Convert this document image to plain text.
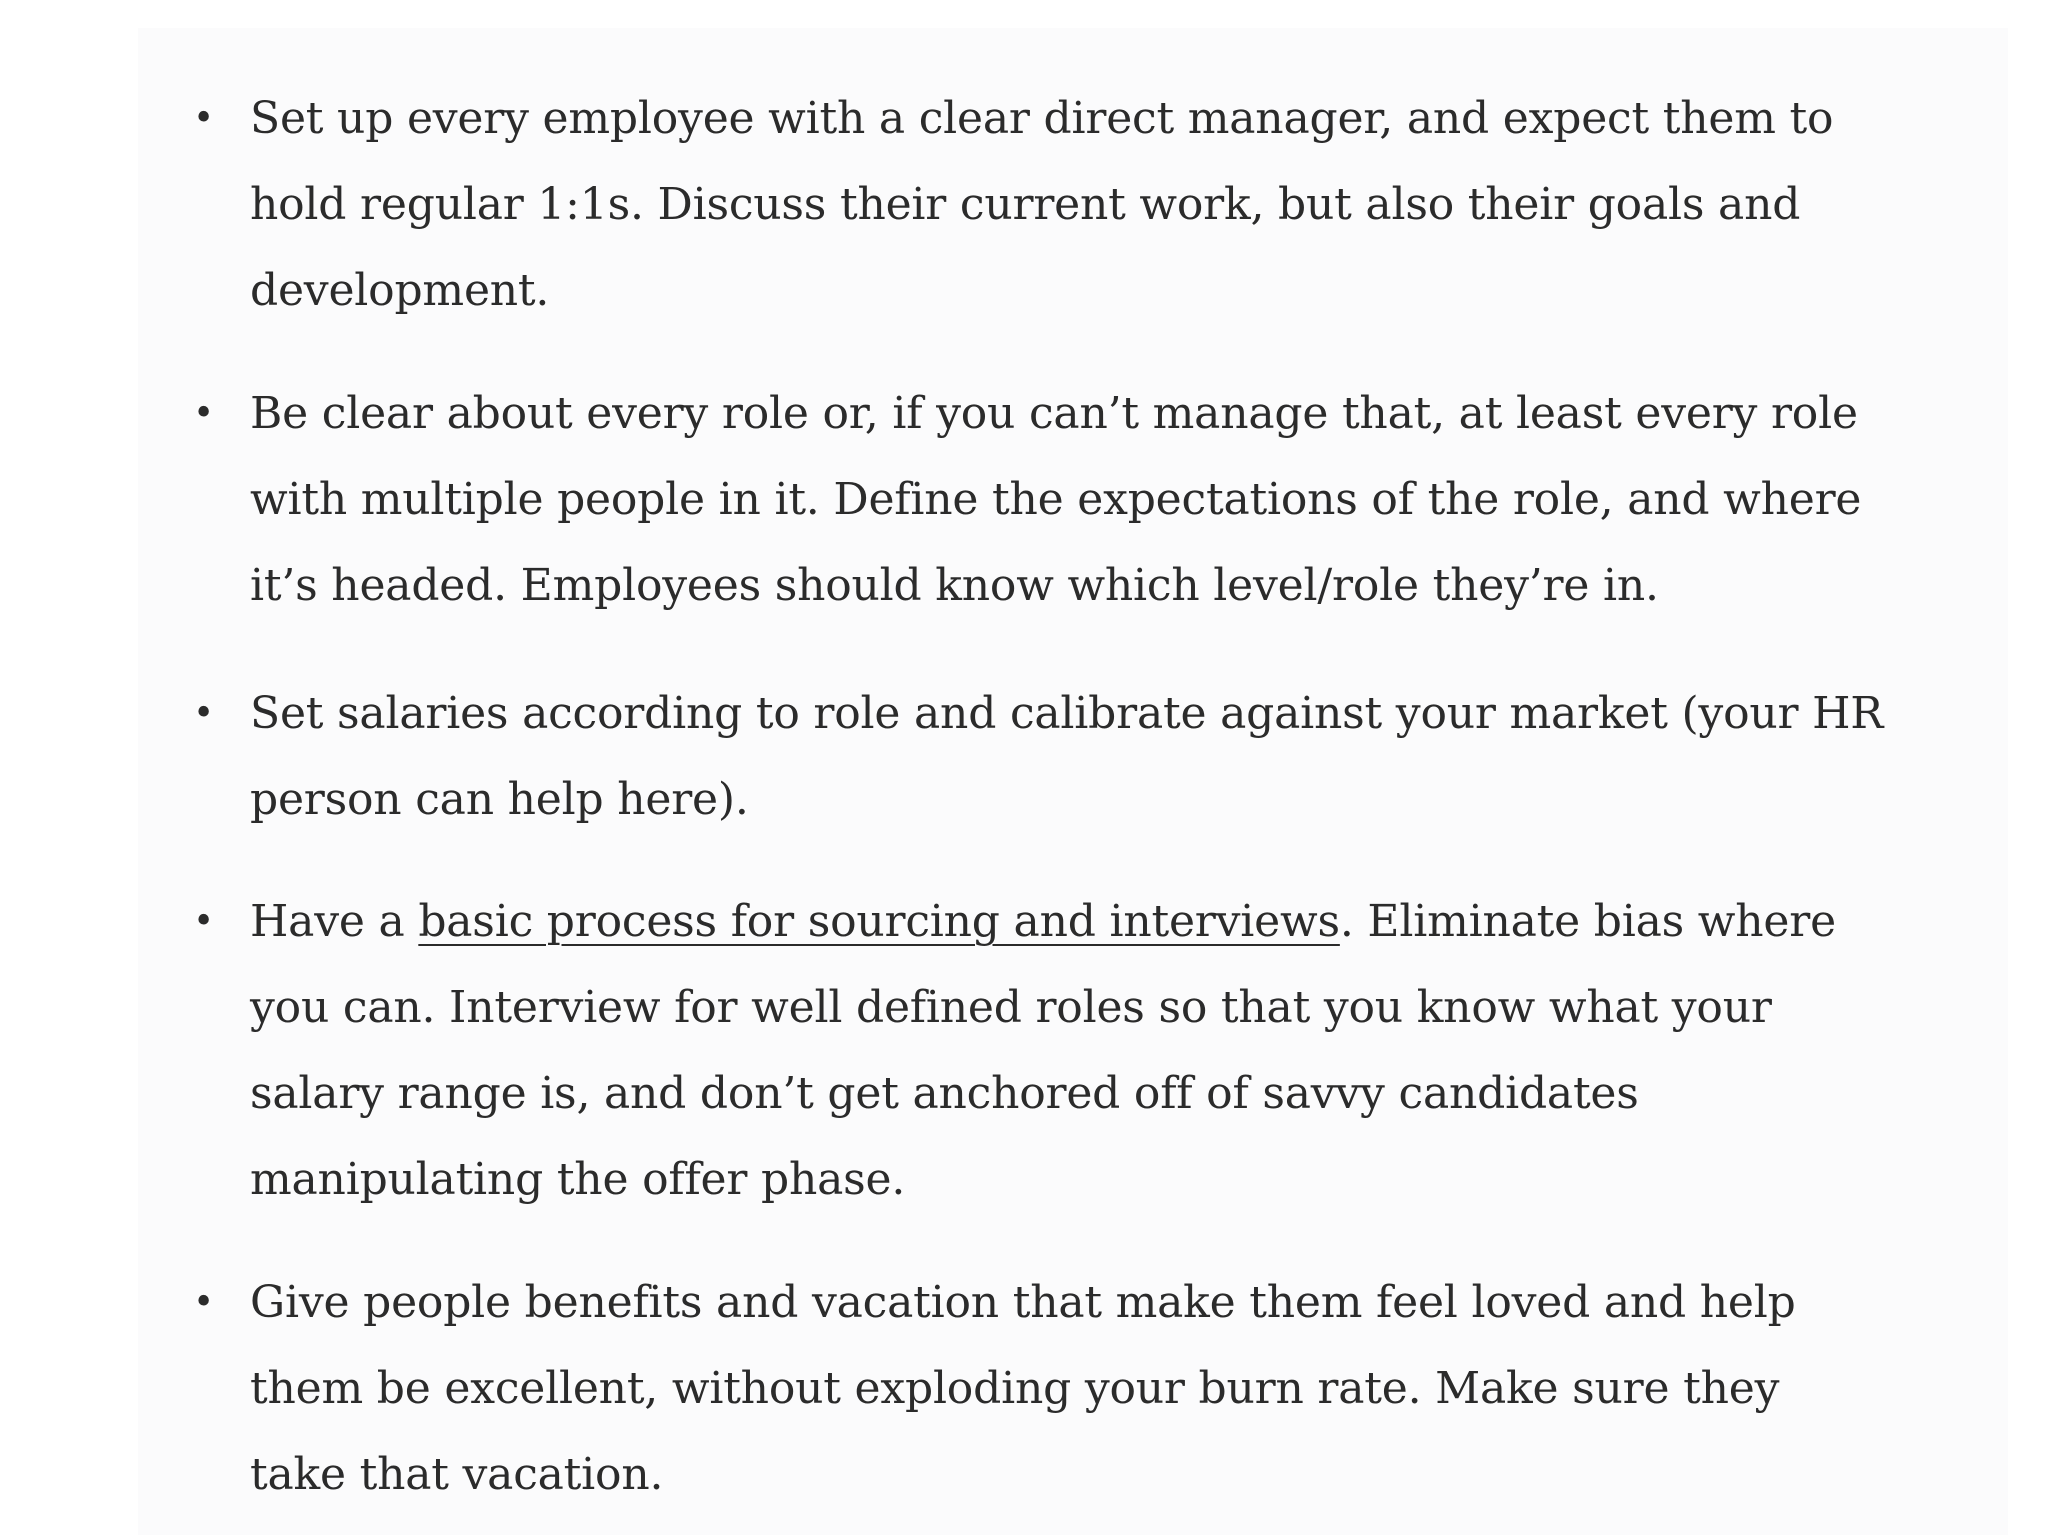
• Set up every employee with a clear direct manager, and expect them to
hold regular 1:1s. Discuss their current work, but also their goals and
development.

• Be clear about every role or, if you can’t manage that, at least every role
with multiple people in it. Define the expectations of the role, and where
it’s headed. Employees should know which level/role they’re in.

• Set salaries according to role and calibrate against your market (your HR
person can help here).

• Have a basic process for sourcing and interviews. Eliminate bias where
you can. Interview for well defined roles so that you know what your
salary range is, and don’t get anchored off of savvy candidates
manipulating the offer phase.

• Give people benefits and vacation that make them feel loved and help
them be excellent, without exploding your burn rate. Make sure they
take that vacation.
